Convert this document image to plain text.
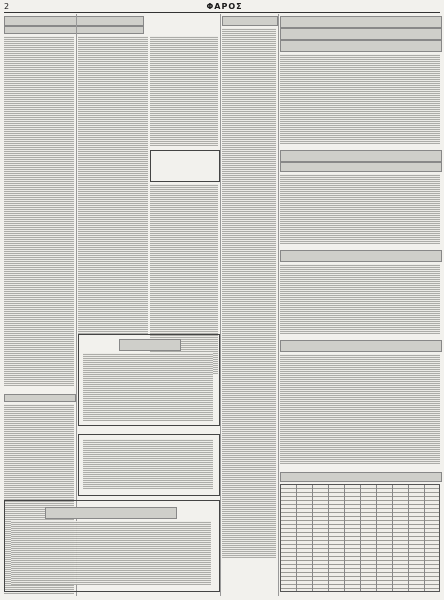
2	ΦΑΡΟΣ
